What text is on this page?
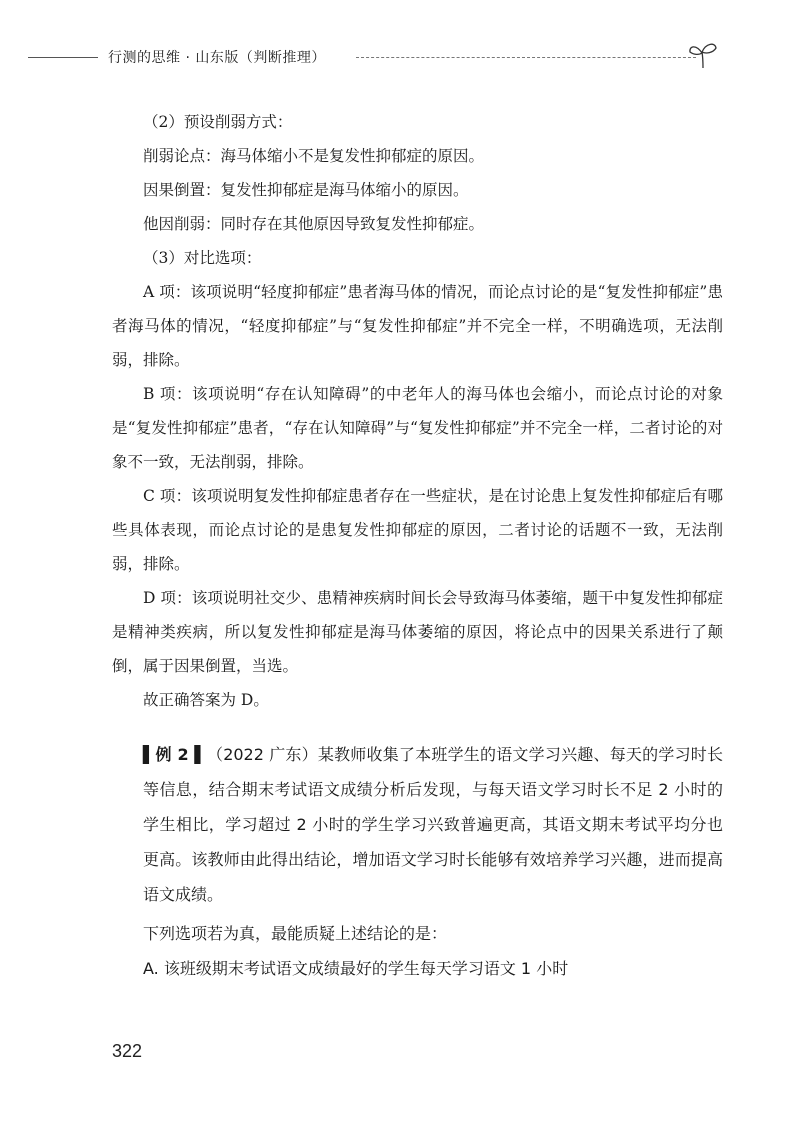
行测的思维 · 山东版（判断推理）

（2）预设削弱方式：

削弱论点：海马体缩小不是复发性抑郁症的原因。

因果倒置：复发性抑郁症是海马体缩小的原因。

他因削弱：同时存在其他原因导致复发性抑郁症。

（3）对比选项：

A 项：该项说明“轻度抑郁症”患者海马体的情况，而论点讨论的是“复发性抑郁症”患者海马体的情况，“轻度抑郁症”与“复发性抑郁症”并不完全一样，不明确选项，无法削弱，排除。

B 项：该项说明“存在认知障碍”的中老年人的海马体也会缩小，而论点讨论的对象是“复发性抑郁症”患者，“存在认知障碍”与“复发性抑郁症”并不完全一样，二者讨论的对象不一致，无法削弱，排除。

C 项：该项说明复发性抑郁症患者存在一些症状，是在讨论患上复发性抑郁症后有哪些具体表现，而论点讨论的是患复发性抑郁症的原因，二者讨论的话题不一致，无法削弱，排除。

D 项：该项说明社交少、患精神疾病时间长会导致海马体萎缩，题干中复发性抑郁症是精神类疾病，所以复发性抑郁症是海马体萎缩的原因，将论点中的因果关系进行了颠倒，属于因果倒置，当选。

故正确答案为 D。

▌例 2 ▌（2022 广东）某教师收集了本班学生的语文学习兴趣、每天的学习时长等信息，结合期末考试语文成绩分析后发现，与每天语文学习时长不足 2 小时的学生相比，学习超过 2 小时的学生学习兴致普遍更高，其语文期末考试平均分也更高。该教师由此得出结论，增加语文学习时长能够有效培养学习兴趣，进而提高语文成绩。

下列选项若为真，最能质疑上述结论的是：

A. 该班级期末考试语文成绩最好的学生每天学习语文 1 小时

322
